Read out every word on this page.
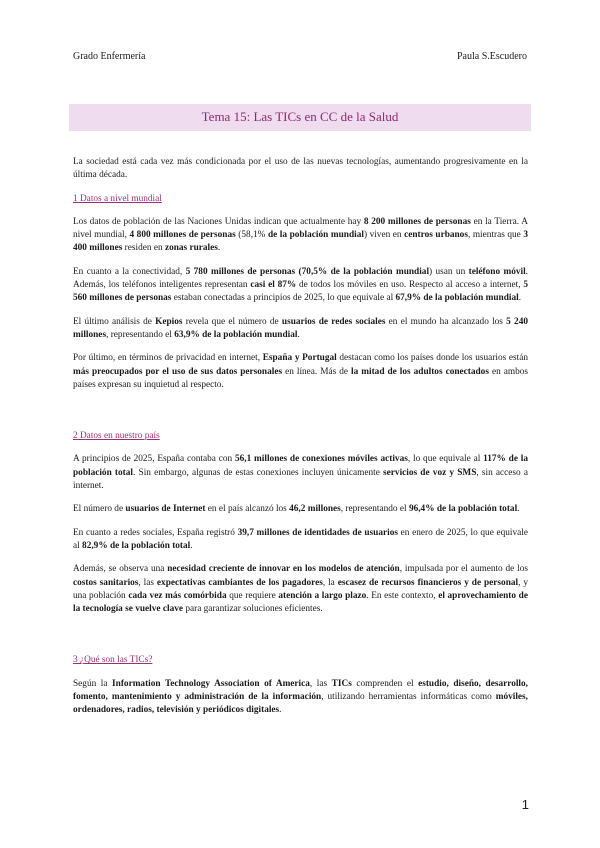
Grado Enfermería	Paula S.Escudero
Tema 15: Las TICs en CC de la Salud

La sociedad está cada vez más condicionada por el uso de las nuevas tecnologías, aumentando progresivamente en la última década.

1 Datos a nivel mundial

Los datos de población de las Naciones Unidas indican que actualmente hay 8 200 millones de personas en la Tierra. A nivel mundial, 4 800 millones de personas (58,1% de la población mundial) viven en centros urbanos, mientras que 3 400 millones residen en zonas rurales.

En cuanto a la conectividad, 5 780 millones de personas (70,5% de la población mundial) usan un teléfono móvil. Además, los teléfonos inteligentes representan casi el 87% de todos los móviles en uso. Respecto al acceso a internet, 5 560 millones de personas estaban conectadas a principios de 2025, lo que equivale al 67,9% de la población mundial.

El último análisis de Kepios revela que el número de usuarios de redes sociales en el mundo ha alcanzado los 5 240 millones, representando el 63,9% de la población mundial.

Por último, en términos de privacidad en internet, España y Portugal destacan como los países donde los usuarios están más preocupados por el uso de sus datos personales en línea. Más de la mitad de los adultos conectados en ambos países expresan su inquietud al respecto.

2 Datos en nuestro país

A principios de 2025, España contaba con 56,1 millones de conexiones móviles activas, lo que equivale al 117% de la población total. Sin embargo, algunas de estas conexiones incluyen únicamente servicios de voz y SMS, sin acceso a internet.

El número de usuarios de Internet en el país alcanzó los 46,2 millones, representando el 96,4% de la población total.

En cuanto a redes sociales, España registró 39,7 millones de identidades de usuarios en enero de 2025, lo que equivale al 82,9% de la población total.

Además, se observa una necesidad creciente de innovar en los modelos de atención, impulsada por el aumento de los costos sanitarios, las expectativas cambiantes de los pagadores, la escasez de recursos financieros y de personal, y una población cada vez más comórbida que requiere atención a largo plazo. En este contexto, el aprovechamiento de la tecnología se vuelve clave para garantizar soluciones eficientes.

3 ¿Qué son las TICs?

Según la Information Technology Association of America, las TICs comprenden el estudio, diseño, desarrollo, fomento, mantenimiento y administración de la información, utilizando herramientas informáticas como móviles, ordenadores, radios, televisión y periódicos digitales.

1
